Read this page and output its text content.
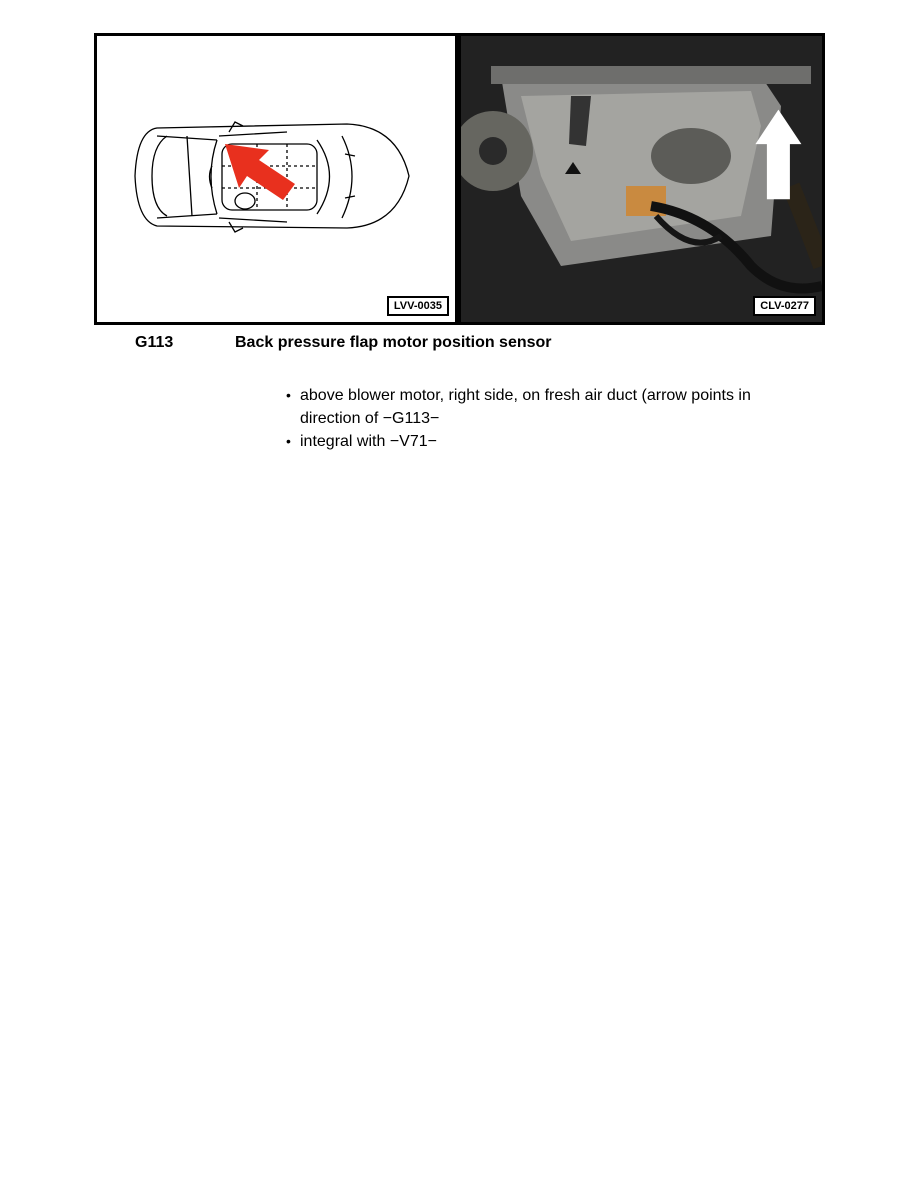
LVV-0035	CLV-0277
G113	Back pressure flap motor position sensor
• above blower motor, right side, on fresh air duct (arrow points in direction of −G113−
• integral with −V71−
